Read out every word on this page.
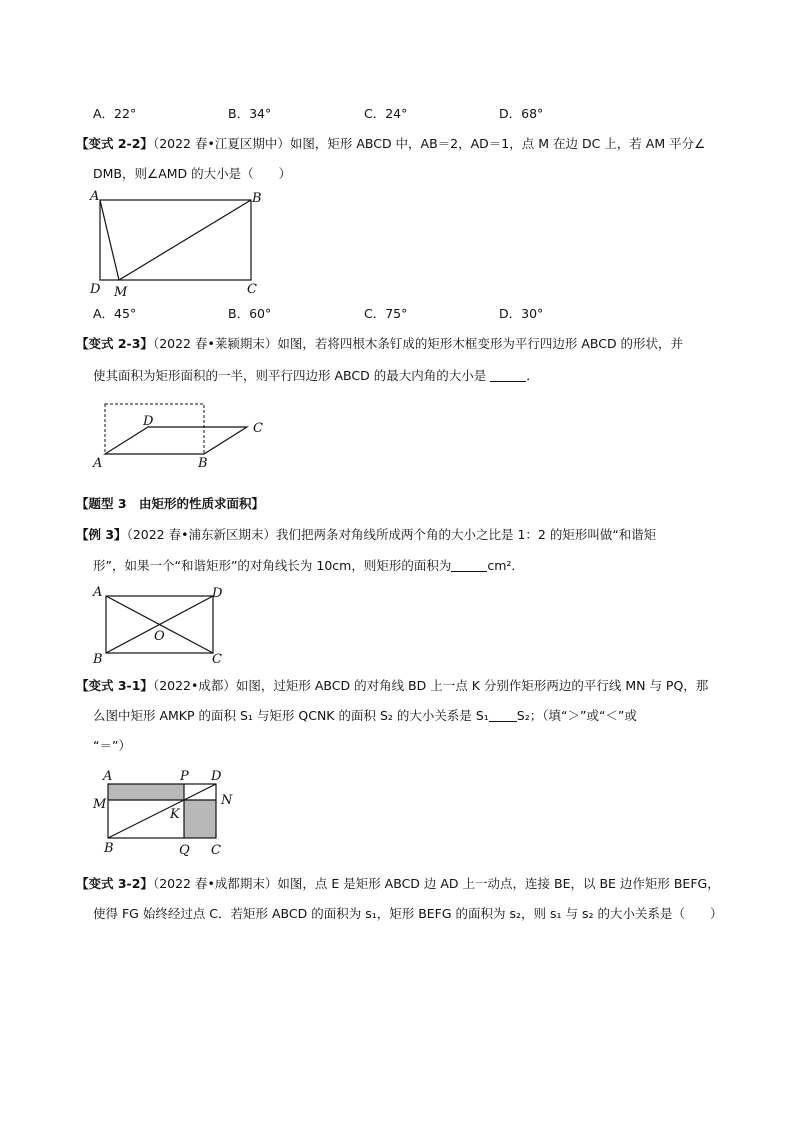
A．22°	B．34°	C．24°	D．68°
【变式 2-2】（2022 春•江夏区期中）如图，矩形 ABCD 中，AB＝2，AD＝1，点 M 在边 DC 上，若 AM 平分∠
DMB，则∠AMD 的大小是（　　）
A	B
C
D M
A．45°	B．60°	C．75°	D．30°
【变式 2-3】（2022 春•莱颍期末）如图，若将四根木条钉成的矩形木框变形为平行四边形 ABCD 的形状，并
使其面积为矩形面积的一半，则平行四边形 ABCD 的最大内角的大小是	．
D	C
A	B
【题型 3　由矩形的性质求面积】
【例 3】（2022 春•浦东新区期末）我们把两条对角线所成两个角的大小之比是 1：2 的矩形叫做“和谐矩
形”，如果一个“和谐矩形”的对角线长为 10cm，则矩形的面积为	cm²．
A	D
B	C
O
【变式 3-1】（2022•成都）如图，过矩形 ABCD 的对角线 BD 上一点 K 分别作矩形两边的平行线 MN 与 PQ，那
么图中矩形 AMKP 的面积 S₁ 与矩形 QCNK 的面积 S₂ 的大小关系是 S₁ S₂；（填“＞”或“＜”或
“＝”）
A	P D
M	N
K
B	Q C
【变式 3-2】（2022 春•成都期末）如图，点 E 是矩形 ABCD 边 AD 上一动点，连接 BE，以 BE 边作矩形 BEFG，
使得 FG 始终经过点 C．若矩形 ABCD 的面积为 s₁，矩形 BEFG 的面积为 s₂，则 s₁ 与 s₂ 的大小关系是（　　）
